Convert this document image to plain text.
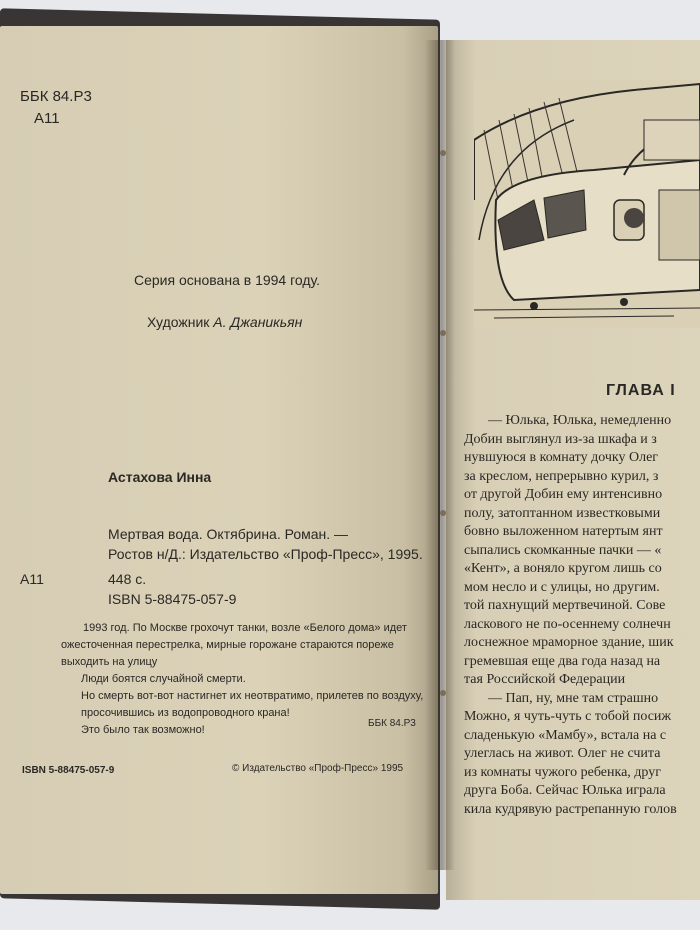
ББК 84.Р3
А11
Серия основана в 1994 году.
Художник А. Джаникьян
Астахова Инна
Мертвая вода. Октябрина. Роман. —
Ростов н/Д.: Издательство «Проф-Пресс», 1995.
А11	448 с.
ISBN 5-88475-057-9

1993 год. По Москве грохочут танки, возле «Белого дома» идет ожесточенная перестрелка, мирные горожане стараются пореже выходить на улицу

Люди боятся случайной смерти.

Но смерть вот-вот настигнет их неотвратимо, прилетев по воздуху, просочившись из водопроводного крана!

Это было так возможно!

ББК 84.Р3
ISBN 5-88475-057-9	© Издательство «Проф-Пресс» 1995
ГЛАВА I
— Юлька, Юлька, немедленно
Добин выглянул из-за шкафа и з
нувшуюся в комнату дочку Олег
за креслом, непрерывно курил, з
от другой Добин ему интенсивно
полу, затоптанном известковыми
бовно выложенном натертым янт
сыпались скомканные пачки — «
«Кент», а воняло кругом лишь со
мом несло и с улицы, но другим.
той пахнущий мертвечиной. Сове
ласкового не по-осеннему солнечн
лоснежное мраморное здание, шик
гремевшая еще два года назад на
тая Российской Федерации
— Пап, ну, мне там страшно
Можно, я чуть-чуть с тобой посиж
сладенькую «Мамбу», встала на с
улеглась на живот. Олег не счита
из комнаты чужого ребенка, друг
друга Боба. Сейчас Юлька играла
кила кудрявую растрепанную голов
